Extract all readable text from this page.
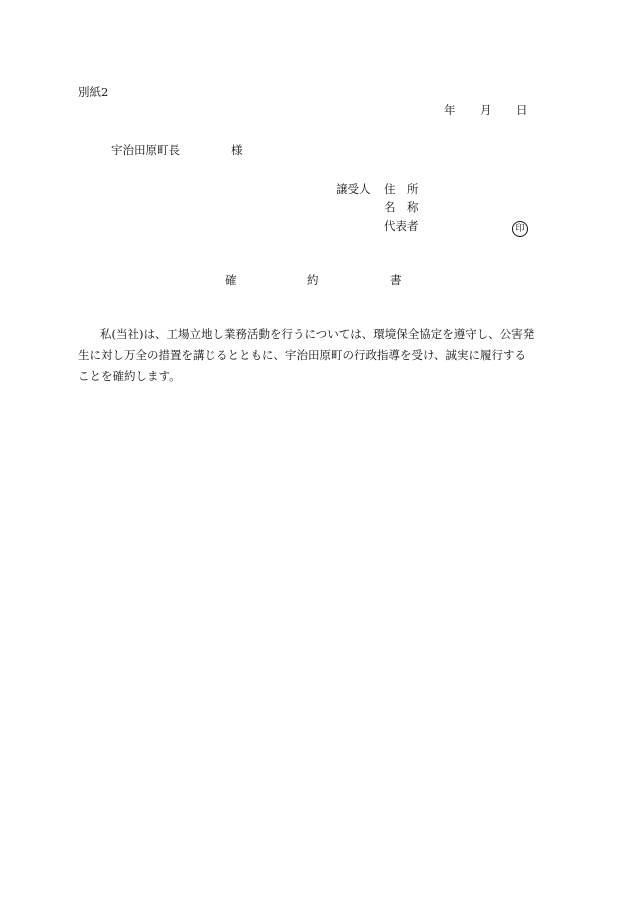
別紙2
年 月 日
宇治田原町長	様
譲受人 住　所
名　称
代表者	印
確	約	書

私(当社)は、工場立地し業務活動を行うについては、環境保全協定を遵守し、公害発

生に対し万全の措置を講じるとともに、宇治田原町の行政指導を受け、誠実に履行する

ことを確約します。
